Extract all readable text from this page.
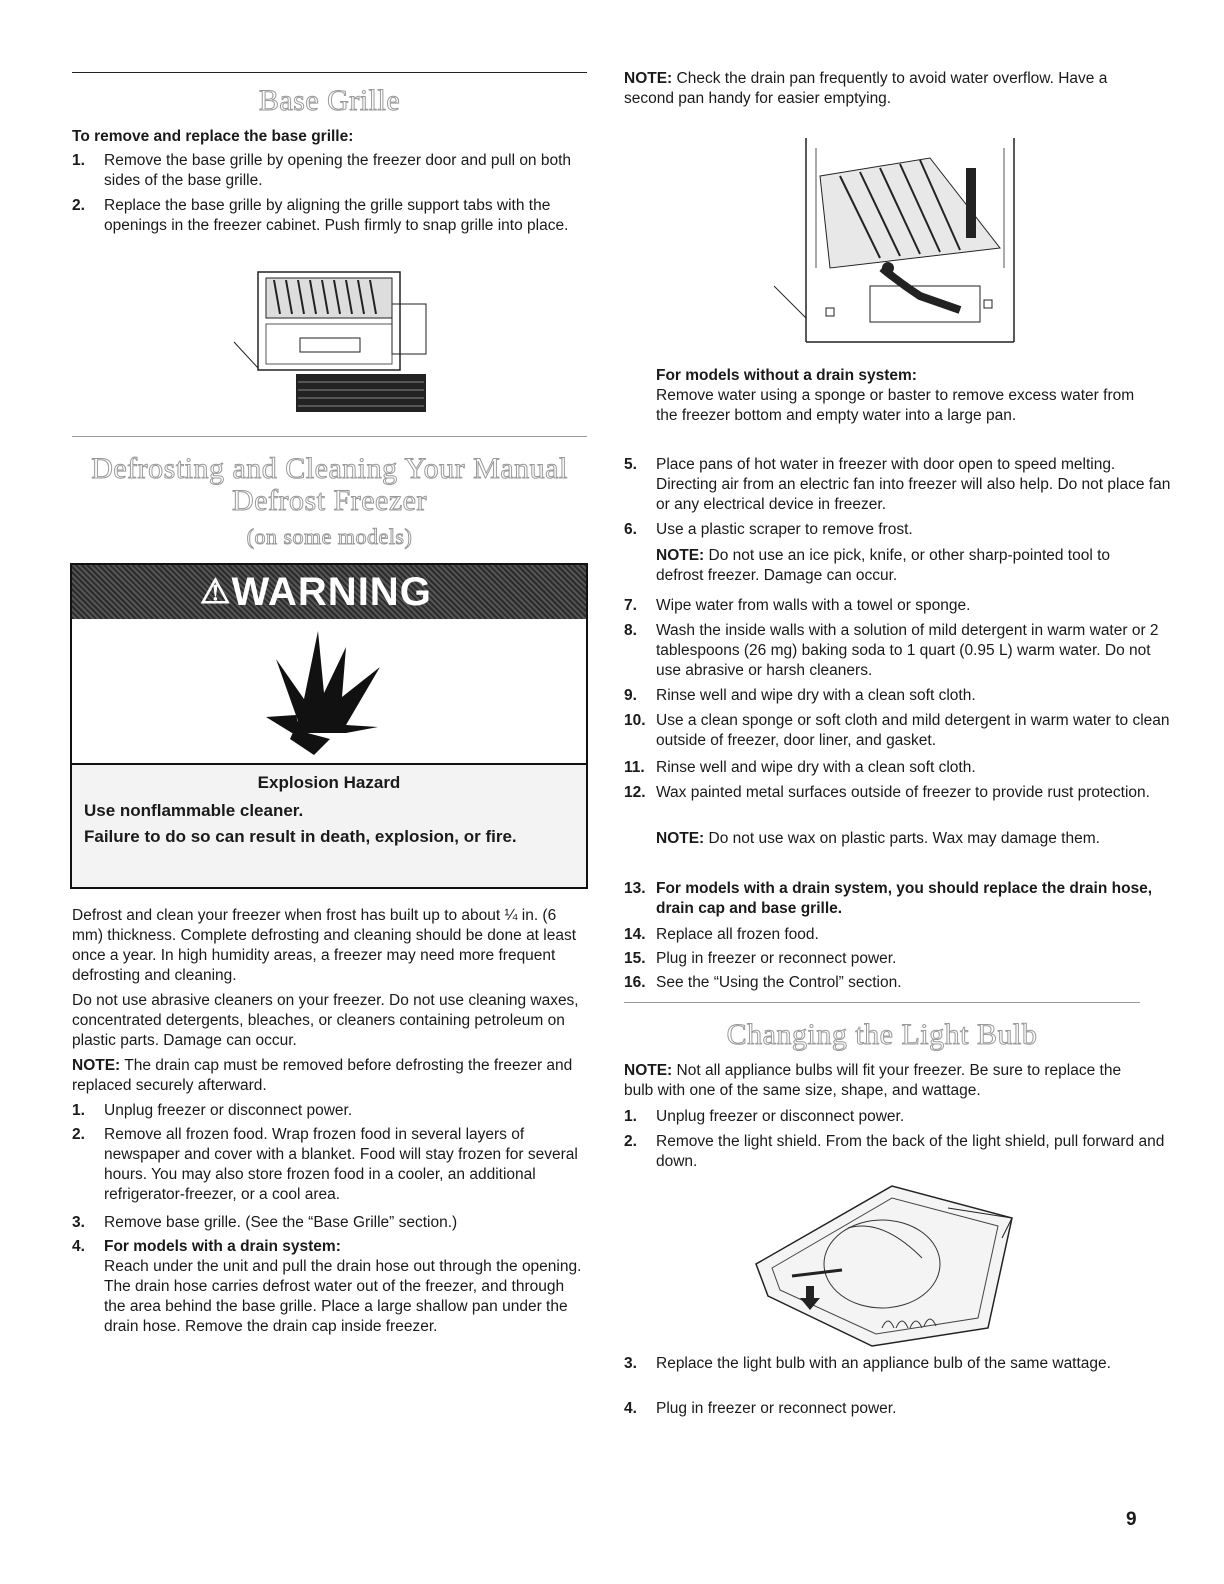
Base Grille
To remove and replace the base grille:
1. Remove the base grille by opening the freezer door and pull on both sides of the base grille.
2. Replace the base grille by aligning the grille support tabs with the openings in the freezer cabinet. Push firmly to snap grille into place.
Defrosting and Cleaning Your Manual
Defrost Freezer
(on some models)
⚠WARNING
Explosion Hazard
Use nonflammable cleaner.
Failure to do so can result in death, explosion, or fire.
Defrost and clean your freezer when frost has built up to about ¼ in. (6 mm) thickness. Complete defrosting and cleaning should be done at least once a year. In high humidity areas, a freezer may need more frequent defrosting and cleaning.
Do not use abrasive cleaners on your freezer. Do not use cleaning waxes, concentrated detergents, bleaches, or cleaners containing petroleum on plastic parts. Damage can occur.
NOTE: The drain cap must be removed before defrosting the freezer and replaced securely afterward.
1. Unplug freezer or disconnect power.
2. Remove all frozen food. Wrap frozen food in several layers of newspaper and cover with a blanket. Food will stay frozen for several hours. You may also store frozen food in a cooler, an additional refrigerator-freezer, or a cool area.
3. Remove base grille. (See the “Base Grille” section.)
4. For models with a drain system:
Reach under the unit and pull the drain hose out through the opening. The drain hose carries defrost water out of the freezer, and through the area behind the base grille. Place a large shallow pan under the drain hose. Remove the drain cap inside freezer.
NOTE: Check the drain pan frequently to avoid water overflow. Have a second pan handy for easier emptying.
For models without a drain system:
Remove water using a sponge or baster to remove excess water from the freezer bottom and empty water into a large pan.
5. Place pans of hot water in freezer with door open to speed melting. Directing air from an electric fan into freezer will also help. Do not place fan or any electrical device in freezer.
6. Use a plastic scraper to remove frost.
NOTE: Do not use an ice pick, knife, or other sharp-pointed tool to defrost freezer. Damage can occur.
7. Wipe water from walls with a towel or sponge.
8. Wash the inside walls with a solution of mild detergent in warm water or 2 tablespoons (26 mg) baking soda to 1 quart (0.95 L) warm water. Do not use abrasive or harsh cleaners.
9. Rinse well and wipe dry with a clean soft cloth.
10. Use a clean sponge or soft cloth and mild detergent in warm water to clean outside of freezer, door liner, and gasket.
11. Rinse well and wipe dry with a clean soft cloth.
12. Wax painted metal surfaces outside of freezer to provide rust protection.
NOTE: Do not use wax on plastic parts. Wax may damage them.
13. For models with a drain system, you should replace the drain hose, drain cap and base grille.
14. Replace all frozen food.
15. Plug in freezer or reconnect power.
16. See the “Using the Control” section.
Changing the Light Bulb
NOTE: Not all appliance bulbs will fit your freezer. Be sure to replace the bulb with one of the same size, shape, and wattage.
1. Unplug freezer or disconnect power.
2. Remove the light shield. From the back of the light shield, pull forward and down.
3. Replace the light bulb with an appliance bulb of the same wattage.
4. Plug in freezer or reconnect power.
9
